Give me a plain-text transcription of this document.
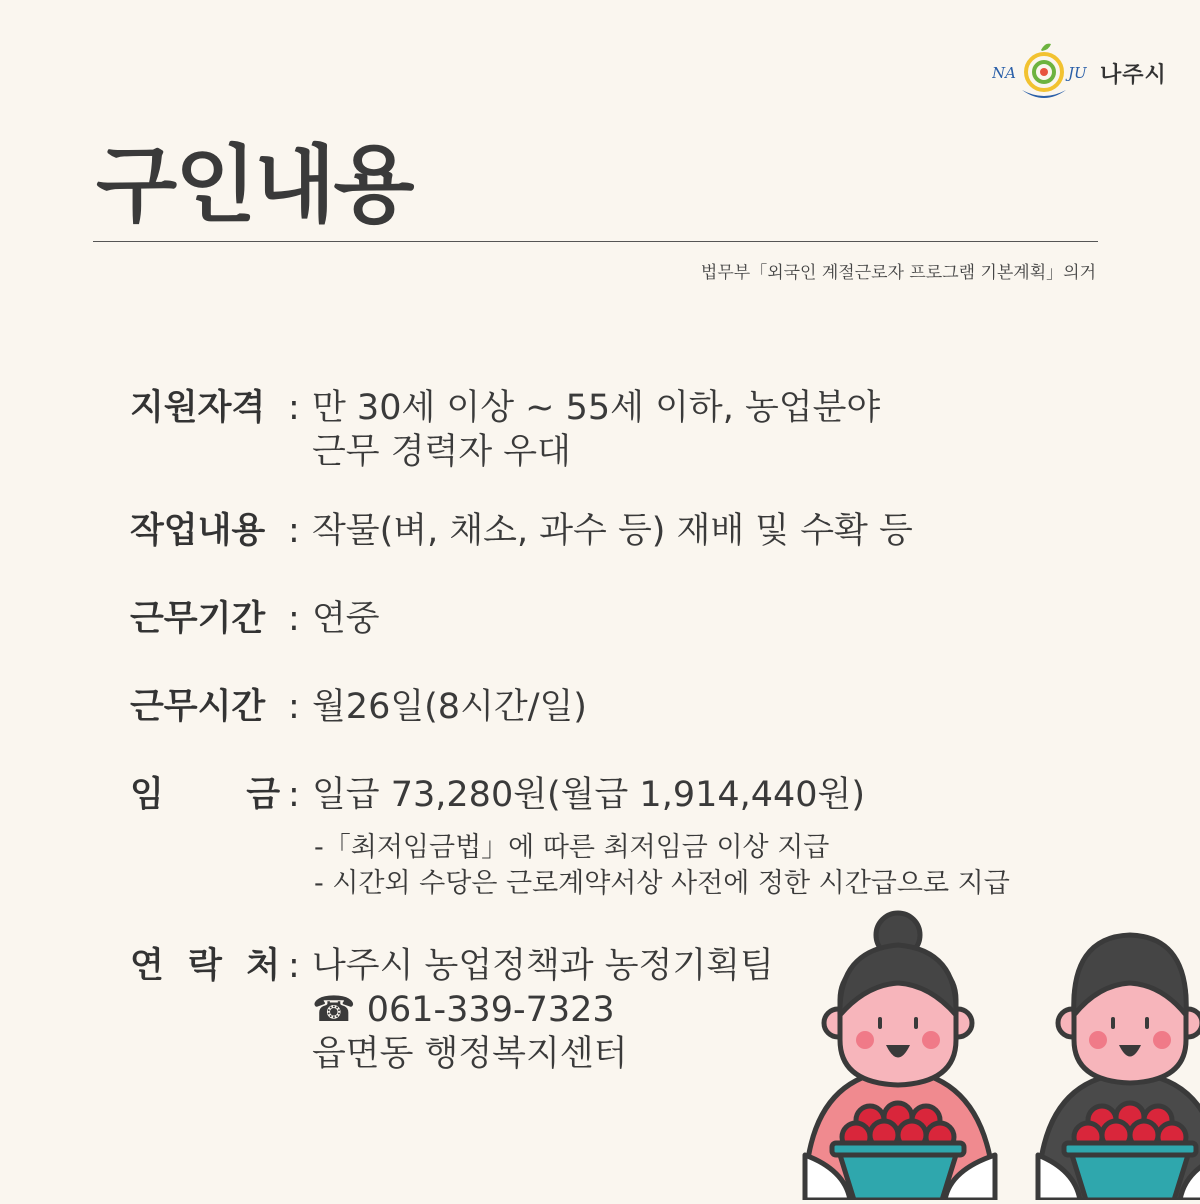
NA	JU 나주시
구인내용
법무부「외국인 계절근로자 프로그램 기본계획」의거
지원자격 : 만 30세 이상 ~ 55세 이하, 농업분야
근무 경력자 우대
작업내용 : 작물(벼, 채소, 과수 등) 재배 및 수확 등
근무기간 : 연중
근무시간 : 월26일(8시간/일)
임 금 : 일급 73,280원(월급 1,914,440원)
-「최저임금법」에 따른 최저임금 이상 지급
- 시간외 수당은 근로계약서상 사전에 정한 시간급으로 지급
연 락 처 : 나주시 농업정책과 농정기획팀
☎ 061-339-7323
읍면동 행정복지센터
